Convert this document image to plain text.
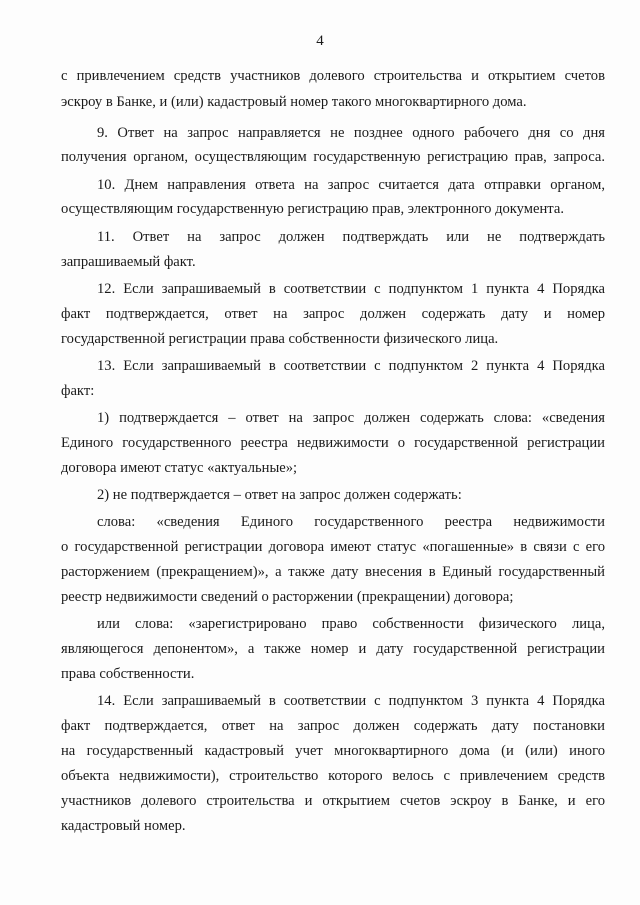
4
с привлечением средств участников долевого строительства и открытием счетов
эскроу в Банке, и (или) кадастровый номер такого многоквартирного дома.
9. Ответ на запрос направляется не позднее одного рабочего дня со дня
получения органом, осуществляющим государственную регистрацию прав, запроса.
10. Днем направления ответа на запрос считается дата отправки органом,
осуществляющим государственную регистрацию прав, электронного документа.
11. Ответ на запрос должен подтверждать или не подтверждать
запрашиваемый факт.
12. Если запрашиваемый в соответствии с подпунктом 1 пункта 4 Порядка
факт подтверждается, ответ на запрос должен содержать дату и номер
государственной регистрации права собственности физического лица.
13. Если запрашиваемый в соответствии с подпунктом 2 пункта 4 Порядка
факт:
1) подтверждается – ответ на запрос должен содержать слова: «сведения
Единого государственного реестра недвижимости о государственной регистрации
договора имеют статус «актуальные»;
2) не подтверждается – ответ на запрос должен содержать:
слова: «сведения Единого государственного реестра недвижимости
о государственной регистрации договора имеют статус «погашенные» в связи с его
расторжением (прекращением)», а также дату внесения в Единый государственный
реестр недвижимости сведений о расторжении (прекращении) договора;
или слова: «зарегистрировано право собственности физического лица,
являющегося депонентом», а также номер и дату государственной регистрации
права собственности.
14. Если запрашиваемый в соответствии с подпунктом 3 пункта 4 Порядка
факт подтверждается, ответ на запрос должен содержать дату постановки
на государственный кадастровый учет многоквартирного дома (и (или) иного
объекта недвижимости), строительство которого велось с привлечением средств
участников долевого строительства и открытием счетов эскроу в Банке, и его
кадастровый номер.
